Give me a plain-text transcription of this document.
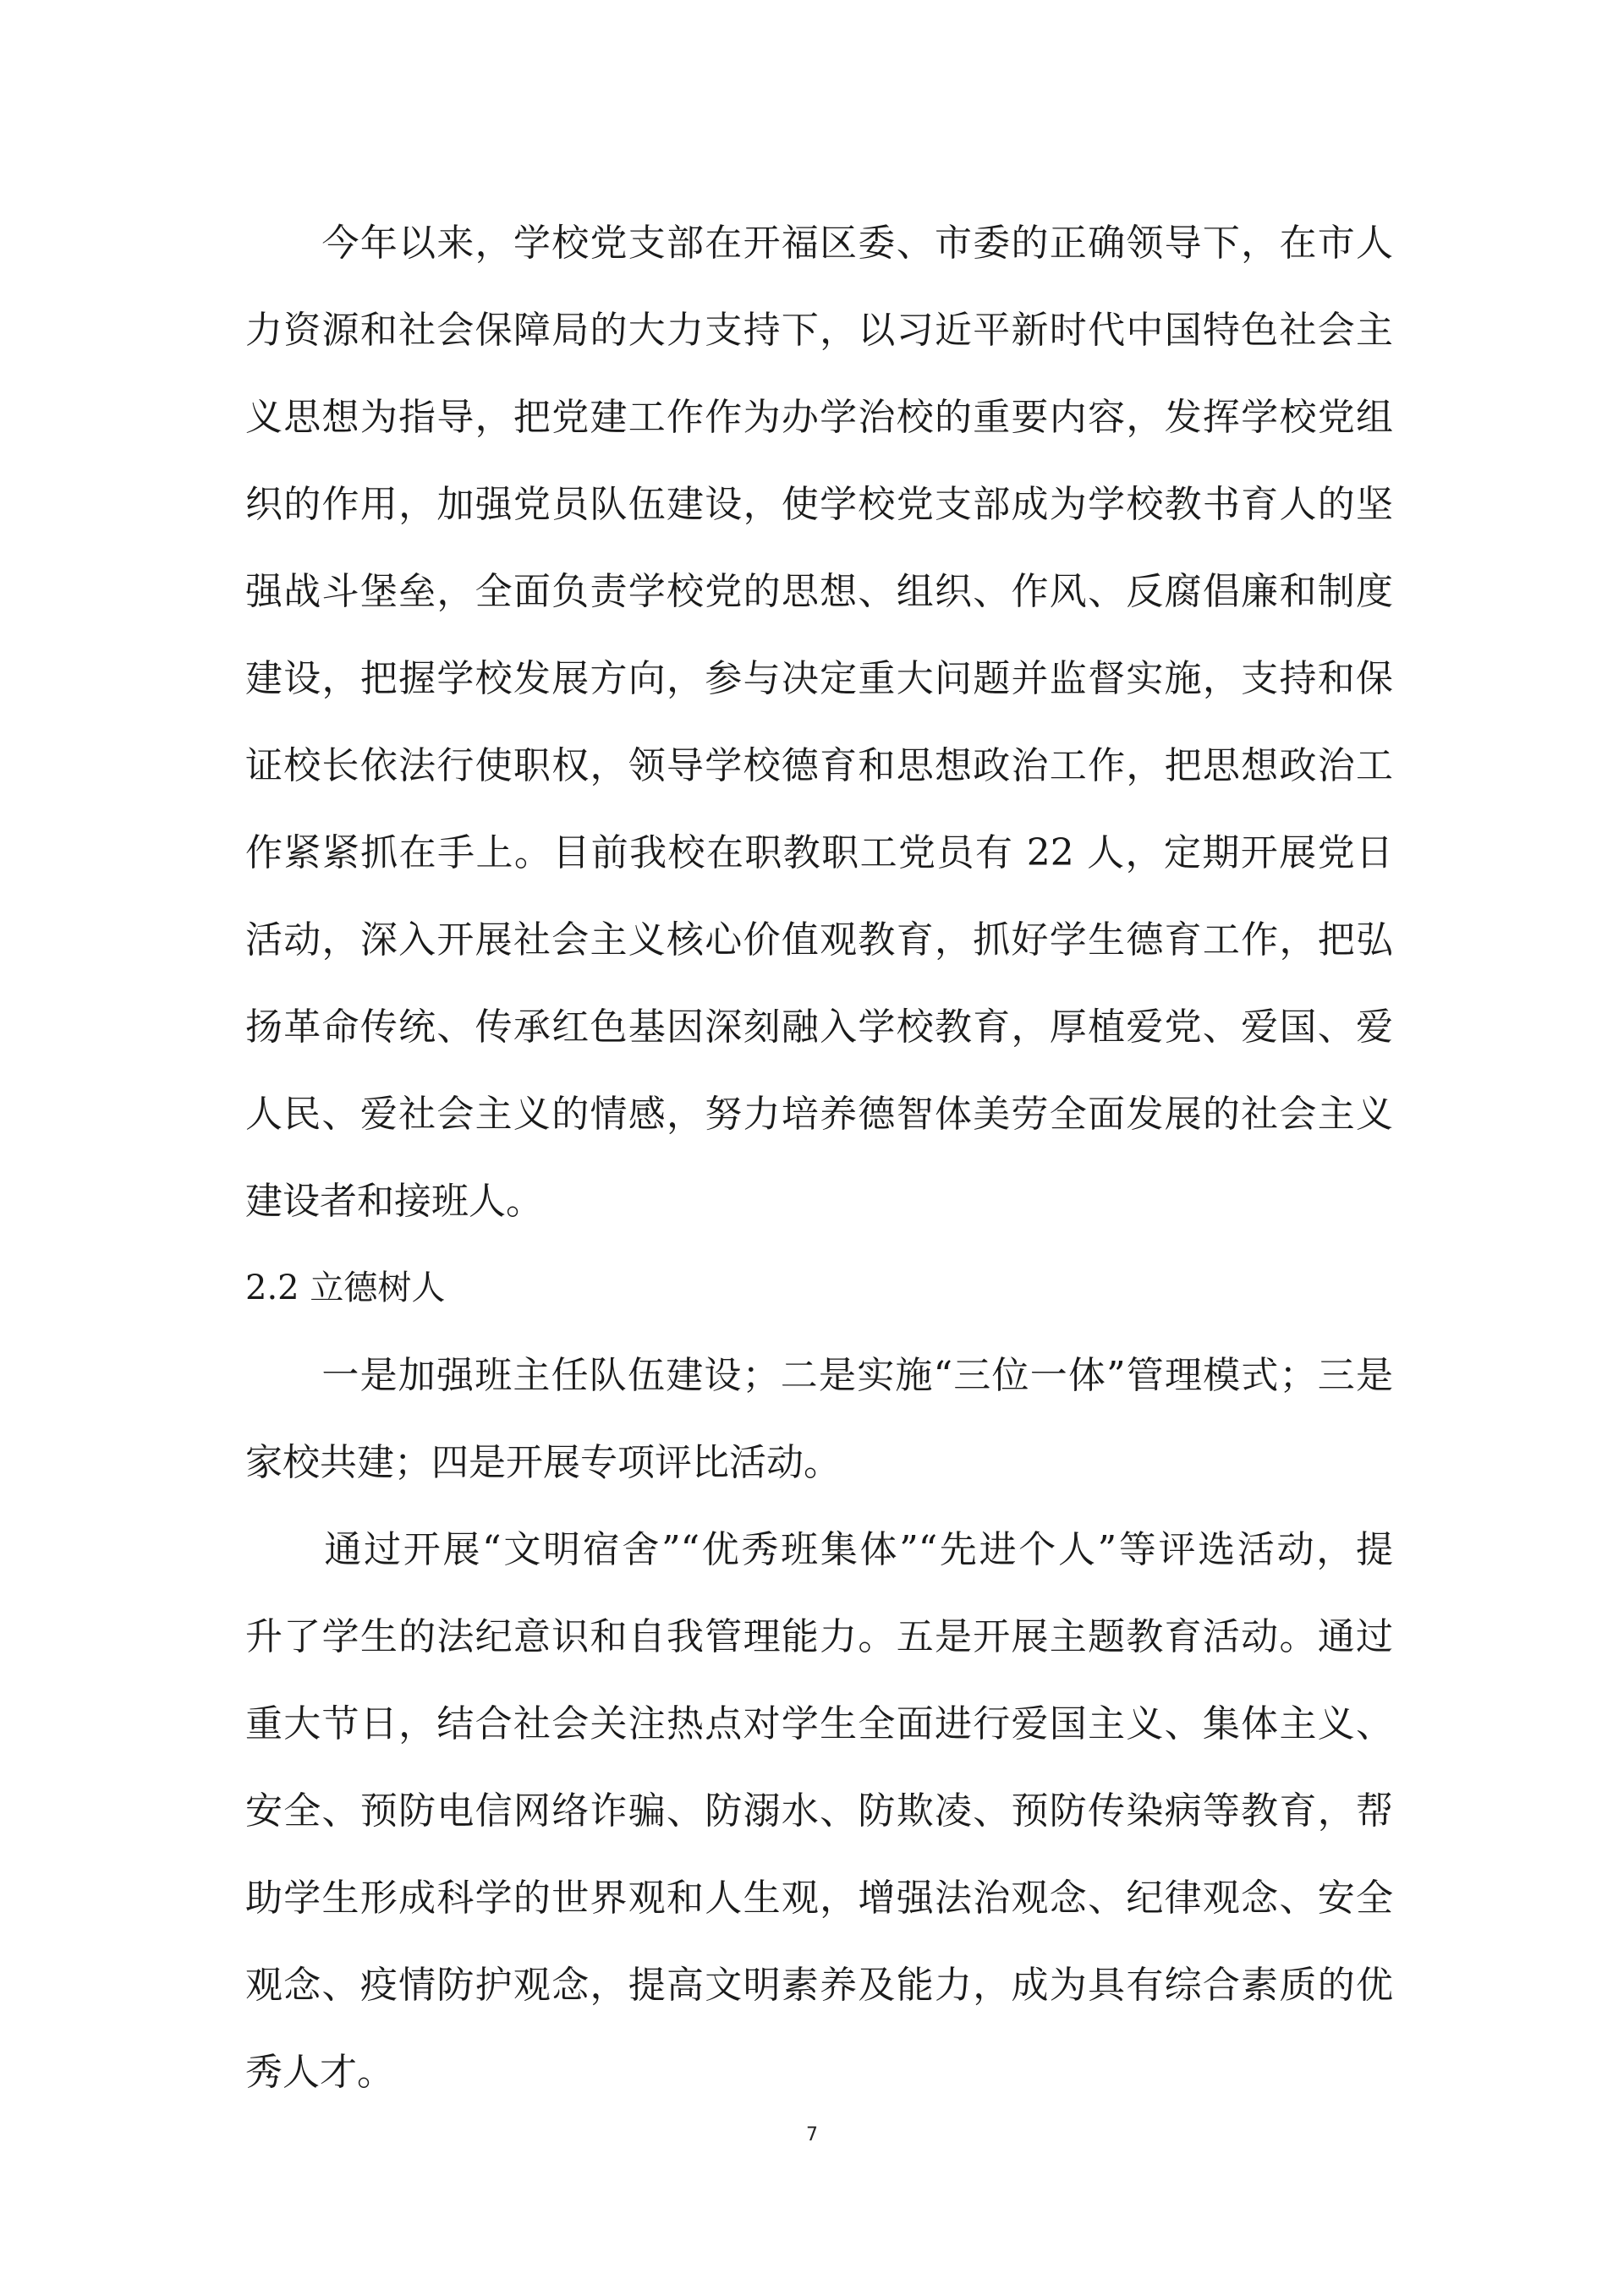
　　今年以来，学校党支部在开福区委、市委的正确领导下，在市人
力资源和社会保障局的大力支持下，以习近平新时代中国特色社会主
义思想为指导，把党建工作作为办学治校的重要内容，发挥学校党组
织的作用，加强党员队伍建设，使学校党支部成为学校教书育人的坚
强战斗堡垒，全面负责学校党的思想、组织、作风、反腐倡廉和制度
建设，把握学校发展方向，参与决定重大问题并监督实施，支持和保
证校长依法行使职权，领导学校德育和思想政治工作，把思想政治工
作紧紧抓在手上。目前我校在职教职工党员有 22 人，定期开展党日
活动，深入开展社会主义核心价值观教育，抓好学生德育工作，把弘
扬革命传统、传承红色基因深刻融入学校教育，厚植爱党、爱国、爱
人民、爱社会主义的情感，努力培养德智体美劳全面发展的社会主义
建设者和接班人。
2.2 立德树人
　　一是加强班主任队伍建设；二是实施“三位一体”管理模式；三是
家校共建；四是开展专项评比活动。
　　通过开展“文明宿舍”“优秀班集体”“先进个人”等评选活动，提
升了学生的法纪意识和自我管理能力。五是开展主题教育活动。通过
重大节日，结合社会关注热点对学生全面进行爱国主义、集体主义、
安全、预防电信网络诈骗、防溺水、防欺凌、预防传染病等教育，帮
助学生形成科学的世界观和人生观，增强法治观念、纪律观念、安全
观念、疫情防护观念，提高文明素养及能力，成为具有综合素质的优
秀人才。
7
